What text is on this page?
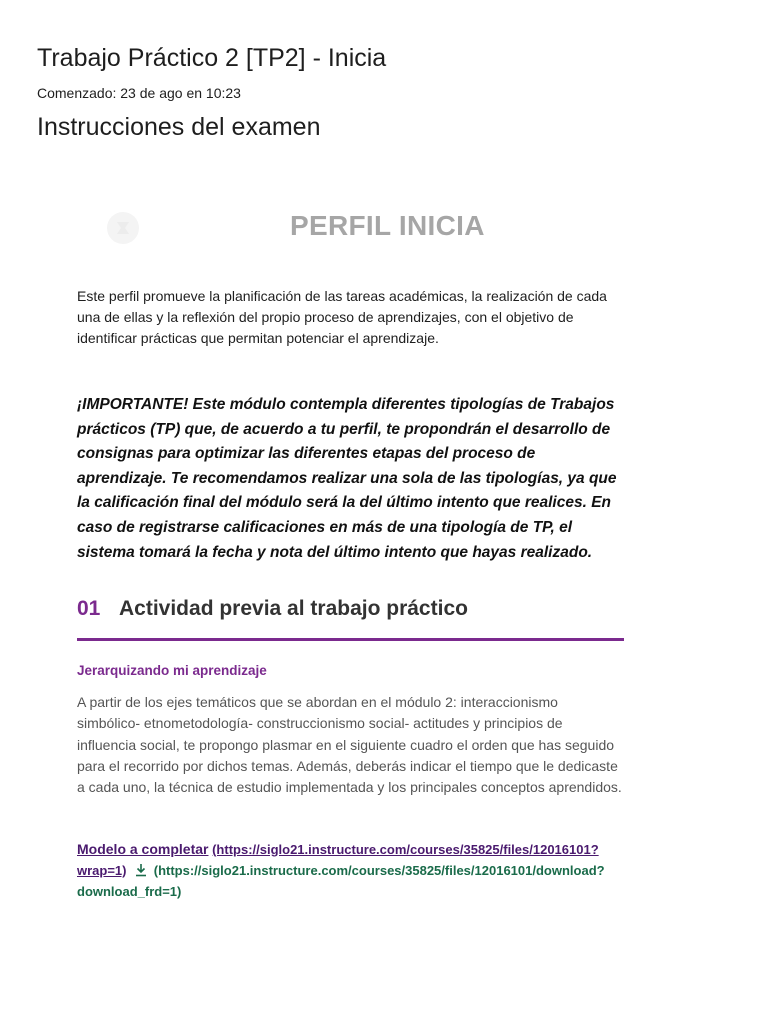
Trabajo Práctico 2 [TP2] - Inicia
Comenzado: 23 de ago en 10:23
Instrucciones del examen
PERFIL INICIA

Este perfil promueve la planificación de las tareas académicas, la realización de cada una de ellas y la reflexión del propio proceso de aprendizajes, con el objetivo de identificar prácticas que permitan potenciar el aprendizaje.

¡IMPORTANTE! Este módulo contempla diferentes tipologías de Trabajos prácticos (TP) que, de acuerdo a tu perfil, te propondrán el desarrollo de consignas para optimizar las diferentes etapas del proceso de aprendizaje. Te recomendamos realizar una sola de las tipologías, ya que la calificación final del módulo será la del último intento que realices. En caso de registrarse calificaciones en más de una tipología de TP, el sistema tomará la fecha y nota del último intento que hayas realizado.

01 Actividad previa al trabajo práctico
Jerarquizando mi aprendizaje

A partir de los ejes temáticos que se abordan en el módulo 2: interaccionismo simbólico- etnometodología- construccionismo social- actitudes y principios de influencia social, te propongo plasmar en el siguiente cuadro el orden que has seguido para el recorrido por dichos temas. Además, deberás indicar el tiempo que le dedicaste a cada uno, la técnica de estudio implementada y los principales conceptos aprendidos.

Modelo a completar (https://siglo21.instructure.com/courses/35825/files/12016101?wrap=1) (https://siglo21.instructure.com/courses/35825/files/12016101/download?download_frd=1)
